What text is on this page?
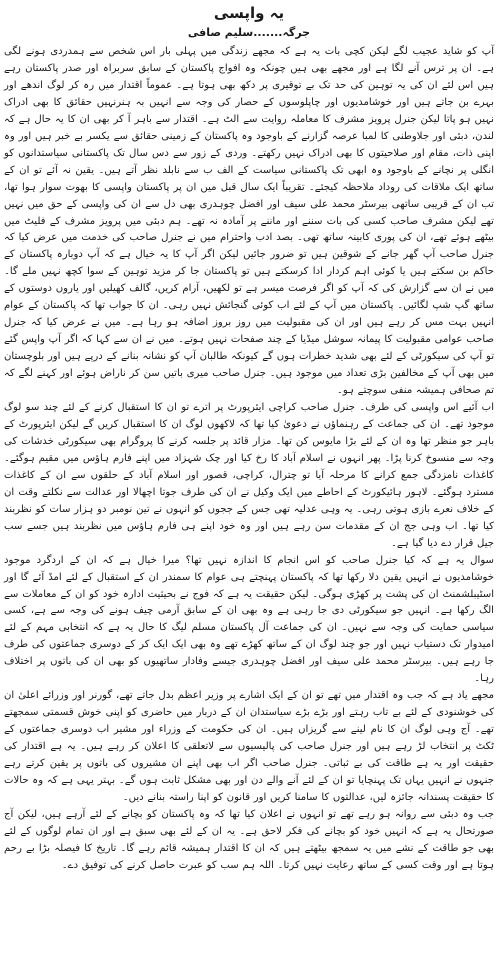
یہ واپسی
جرگہ.......سلیم صافی

آپ کو شاید عجیب لگے لیکن کچی بات یہ ہے کہ مجھے زندگی میں پہلی بار اس شخص سے ہمدردی ہونے لگی ہے۔ ان پر ترس آنے لگا ہے اور مجھے بھی ہیں چونکہ وہ افواج پاکستان کے سابق سربراہ اور صدر پاکستان رہے ہیں اس لئے ان کی یہ توہین کی حد تک بے توقیری پر دکھ بھی ہوتا ہے۔ عموماً اقتدار میں رہ کر لوگ اندھے اور بہرے بن جاتے ہیں اور خوشامدیوں اور چاپلوسوں کے حصار کی وجہ سے انہیں بہ ہنرنہیں حقائق کا بھی ادراک نہیں ہو پاتا لیکن جنرل پرویز مشرف کا معاملہ روایت سے الٹ ہے۔ اقتدار سے باہر آ کر بھی ان کا یہ حال ہے کہ لندن، دبئی اور جلاوطنی کا لمبا عرصہ گزارنے کے باوجود وہ پاکستان کے زمینی حقائق سے یکسر بے خبر ہیں اور وہ اپنی ذات، مقام اور صلاحیتوں کا بھی ادراک نہیں رکھتے۔ وردی کے زور سے دس سال تک پاکستانی سیاستدانوں کو انگلی پر نچانے کے باوجود وہ ابھی تک پاکستانی سیاست کے الف ب سے نابلد نظر آتے ہیں۔ یقین نہ آئے تو ان کے ساتھ ایک ملاقات کی روداد ملاحظہ کیجئے۔ تقریباً ایک سال قبل میں ان پر پاکستان واپسی کا بھوت سوار ہوا تھا، تب ان کے قریبی ساتھی بیرسٹر محمد علی سیف اور افضل چوہدری بھی دل سے ان کی واپسی کے حق میں نہیں تھے لیکن مشرف صاحب کسی کی بات سننے اور ماننے پر آمادہ نہ تھے۔ ہم دبئی میں پرویز مشرف کے فلیٹ میں بیٹھے ہوئے تھے، ان کی پوری کابینہ ساتھ تھی۔ بصد ادب واحترام میں نے جنرل صاحب کی خدمت میں عرض کیا کہ جنرل صاحب آپ گھر جانے کے شوقین ہیں تو ضرور جائیں لیکن اگر آپ کا یہ خیال ہے کہ آپ دوبارہ پاکستان کے حاکم بن سکتے ہیں یا کوئی اہم کردار ادا کرسکتے ہیں تو پاکستان جا کر مزید توہین کے سوا کچھ نہیں ملے گا۔ میں نے ان سے گزارش کی کہ آپ کو اگر فرصت میسر ہے تو لکھیں، آرام کریں، گالف کھیلیں اور یاروں دوستوں کے ساتھ گپ شپ لگائیں۔ پاکستان میں آپ کے لئے اب کوئی گنجائش نہیں رہی۔ ان کا جواب تھا کہ پاکستان کے عوام انہیں بہت مس کر رہے ہیں اور ان کی مقبولیت میں روز بروز اضافہ ہو رہا ہے۔ میں نے عرض کیا کہ جنرل صاحب عوامی مقبولیت کا پیمانہ سوشل میڈیا کے چند صفحات نہیں ہوتے۔ میں نے ان سے کہا کہ اگر آپ واپس گئے تو آپ کی سیکورٹی کے لئے بھی شدید خطرات ہوں گے کیونکہ طالبان آپ کو نشانہ بنانے کے درپے ہیں اور بلوچستان میں بھی آپ کے مخالفین بڑی تعداد میں موجود ہیں۔ جنرل صاحب میری باتیں سن کر ناراض ہوئے اور کہنے لگے کہ تم صحافی ہمیشہ منفی سوچتے ہو۔

اب آئیے اس واپسی کی طرف۔ جنرل صاحب کراچی ایئرپورٹ پر اترے تو ان کا استقبال کرنے کے لئے چند سو لوگ موجود تھے۔ ان کی جماعت کے رہنماؤں نے دعویٰ کیا تھا کہ لاکھوں لوگ ان کا استقبال کریں گے لیکن ایئرپورٹ کے باہر جو منظر تھا وہ ان کے لئے بڑا مایوس کن تھا۔ مزار قائد پر جلسہ کرنے کا پروگرام بھی سیکورٹی خدشات کی وجہ سے منسوخ کرنا پڑا۔ پھر انہوں نے اسلام آباد کا رخ کیا اور چک شہزاد میں اپنے فارم ہاؤس میں مقیم ہوگئے۔ کاغذات نامزدگی جمع کرانے کا مرحلہ آیا تو چترال، کراچی، قصور اور اسلام آباد کے حلقوں سے ان کے کاغذات مسترد ہوگئے۔ لاہور ہائیکورٹ کے احاطے میں ایک وکیل نے ان کی طرف جوتا اچھالا اور عدالت سے نکلتے وقت ان کے خلاف نعرے بازی ہوتی رہی۔ یہ وہی عدلیہ تھی جس کے ججوں کو انہوں نے تین نومبر دو ہزار سات کو نظربند کیا تھا۔ اب وہی جج ان کے مقدمات سن رہے ہیں اور وہ خود اپنے ہی فارم ہاؤس میں نظربند ہیں جسے سب جیل قرار دے دیا گیا ہے۔

سوال یہ ہے کہ کیا جنرل صاحب کو اس انجام کا اندازہ نہیں تھا؟ میرا خیال ہے کہ ان کے اردگرد موجود خوشامدیوں نے انہیں یقین دلا رکھا تھا کہ پاکستان پہنچتے ہی عوام کا سمندر ان کے استقبال کے لئے امڈ آئے گا اور اسٹیبلشمنٹ ان کی پشت پر کھڑی ہوگی۔ لیکن حقیقت یہ ہے کہ فوج نے بحیثیت ادارہ خود کو ان کے معاملات سے الگ رکھا ہے۔ انہیں جو سیکورٹی دی جا رہی ہے وہ بھی ان کے سابق آرمی چیف ہونے کی وجہ سے ہے، کسی سیاسی حمایت کی وجہ سے نہیں۔ ان کی جماعت آل پاکستان مسلم لیگ کا حال یہ ہے کہ انتخابی مہم کے لئے امیدوار تک دستیاب نہیں اور جو چند لوگ ان کے ساتھ کھڑے تھے وہ بھی ایک ایک کر کے دوسری جماعتوں کی طرف جا رہے ہیں۔ بیرسٹر محمد علی سیف اور افضل چوہدری جیسے وفادار ساتھیوں کو بھی ان کی باتوں پر اختلاف رہا۔

مجھے یاد ہے کہ جب وہ اقتدار میں تھے تو ان کے ایک اشارے پر وزیر اعظم بدل جاتے تھے، گورنر اور وزرائے اعلیٰ ان کی خوشنودی کے لئے بے تاب رہتے اور بڑے بڑے سیاستدان ان کے دربار میں حاضری کو اپنی خوش قسمتی سمجھتے تھے۔ آج وہی لوگ ان کا نام لینے سے گریزاں ہیں۔ ان کی حکومت کے وزراء اور مشیر اب دوسری جماعتوں کے ٹکٹ پر انتخاب لڑ رہے ہیں اور جنرل صاحب کی پالیسیوں سے لاتعلقی کا اعلان کر رہے ہیں۔ یہ ہے اقتدار کی حقیقت اور یہ ہے طاقت کی بے ثباتی۔ جنرل صاحب اگر اب بھی اپنے ان مشیروں کی باتوں پر یقین کرتے رہے جنہوں نے انہیں یہاں تک پہنچایا تو ان کے لئے آنے والے دن اور بھی مشکل ثابت ہوں گے۔ بہتر یہی ہے کہ وہ حالات کا حقیقت پسندانہ جائزہ لیں، عدالتوں کا سامنا کریں اور قانون کو اپنا راستہ بنانے دیں۔

جب وہ دبئی سے روانہ ہو رہے تھے تو انہوں نے اعلان کیا تھا کہ وہ پاکستان کو بچانے کے لئے آرہے ہیں، لیکن آج صورتحال یہ ہے کہ انہیں خود کو بچانے کی فکر لاحق ہے۔ یہ ان کے لئے بھی سبق ہے اور ان تمام لوگوں کے لئے بھی جو طاقت کے نشے میں یہ سمجھ بیٹھتے ہیں کہ ان کا اقتدار ہمیشہ قائم رہے گا۔ تاریخ کا فیصلہ بڑا بے رحم ہوتا ہے اور وقت کسی کے ساتھ رعایت نہیں کرتا۔ اللہ ہم سب کو عبرت حاصل کرنے کی توفیق دے۔
